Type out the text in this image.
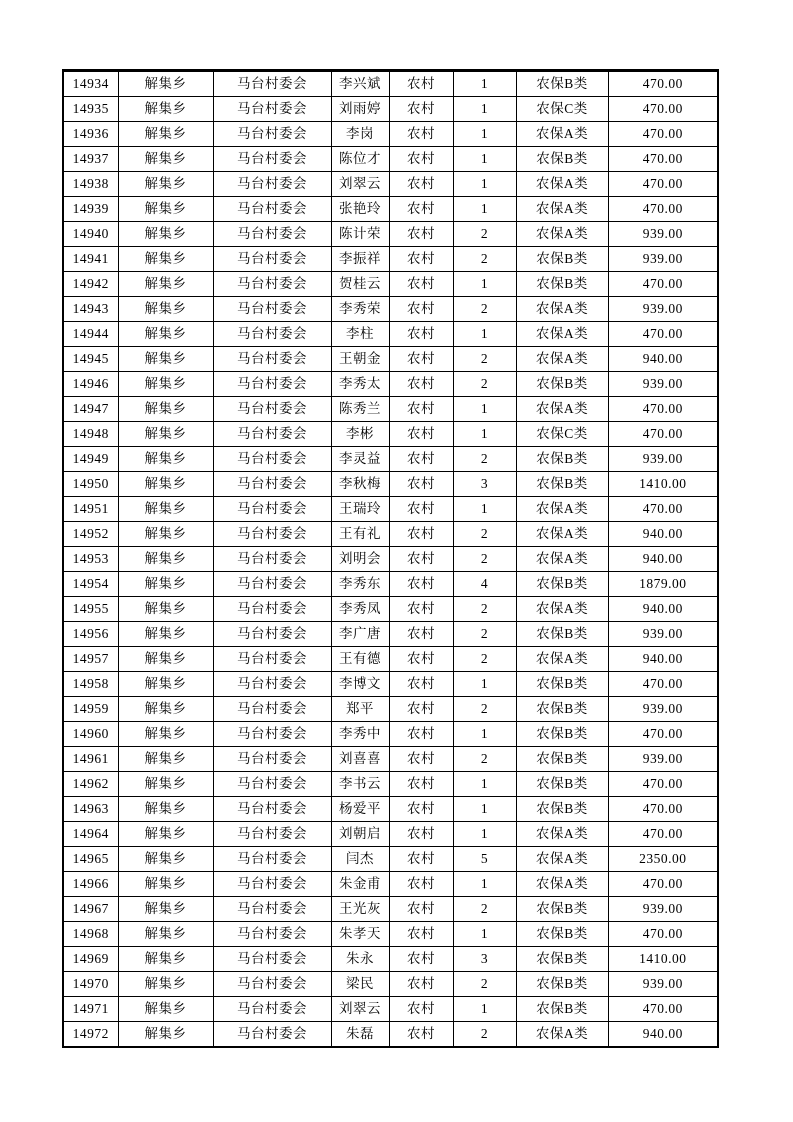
14934	解集乡	马台村委会	李兴斌	农村	1	农保B类	470.00
14935	解集乡	马台村委会	刘雨婷	农村	1	农保C类	470.00
14936	解集乡	马台村委会	李岗	农村	1	农保A类	470.00
14937	解集乡	马台村委会	陈位才	农村	1	农保B类	470.00
14938	解集乡	马台村委会	刘翠云	农村	1	农保A类	470.00
14939	解集乡	马台村委会	张艳玲	农村	1	农保A类	470.00
14940	解集乡	马台村委会	陈计荣	农村	2	农保A类	939.00
14941	解集乡	马台村委会	李振祥	农村	2	农保B类	939.00
14942	解集乡	马台村委会	贺桂云	农村	1	农保B类	470.00
14943	解集乡	马台村委会	李秀荣	农村	2	农保A类	939.00
14944	解集乡	马台村委会	李柱	农村	1	农保A类	470.00
14945	解集乡	马台村委会	王朝金	农村	2	农保A类	940.00
14946	解集乡	马台村委会	李秀太	农村	2	农保B类	939.00
14947	解集乡	马台村委会	陈秀兰	农村	1	农保A类	470.00
14948	解集乡	马台村委会	李彬	农村	1	农保C类	470.00
14949	解集乡	马台村委会	李灵益	农村	2	农保B类	939.00
14950	解集乡	马台村委会	李秋梅	农村	3	农保B类	1410.00
14951	解集乡	马台村委会	王瑞玲	农村	1	农保A类	470.00
14952	解集乡	马台村委会	王有礼	农村	2	农保A类	940.00
14953	解集乡	马台村委会	刘明会	农村	2	农保A类	940.00
14954	解集乡	马台村委会	李秀东	农村	4	农保B类	1879.00
14955	解集乡	马台村委会	李秀凤	农村	2	农保A类	940.00
14956	解集乡	马台村委会	李广唐	农村	2	农保B类	939.00
14957	解集乡	马台村委会	王有德	农村	2	农保A类	940.00
14958	解集乡	马台村委会	李博文	农村	1	农保B类	470.00
14959	解集乡	马台村委会	郑平	农村	2	农保B类	939.00
14960	解集乡	马台村委会	李秀中	农村	1	农保B类	470.00
14961	解集乡	马台村委会	刘喜喜	农村	2	农保B类	939.00
14962	解集乡	马台村委会	李书云	农村	1	农保B类	470.00
14963	解集乡	马台村委会	杨爱平	农村	1	农保B类	470.00
14964	解集乡	马台村委会	刘朝启	农村	1	农保A类	470.00
14965	解集乡	马台村委会	闫杰	农村	5	农保A类	2350.00
14966	解集乡	马台村委会	朱金甫	农村	1	农保A类	470.00
14967	解集乡	马台村委会	王光灰	农村	2	农保B类	939.00
14968	解集乡	马台村委会	朱孝天	农村	1	农保B类	470.00
14969	解集乡	马台村委会	朱永	农村	3	农保B类	1410.00
14970	解集乡	马台村委会	梁民	农村	2	农保B类	939.00
14971	解集乡	马台村委会	刘翠云	农村	1	农保B类	470.00
14972	解集乡	马台村委会	朱磊	农村	2	农保A类	940.00
